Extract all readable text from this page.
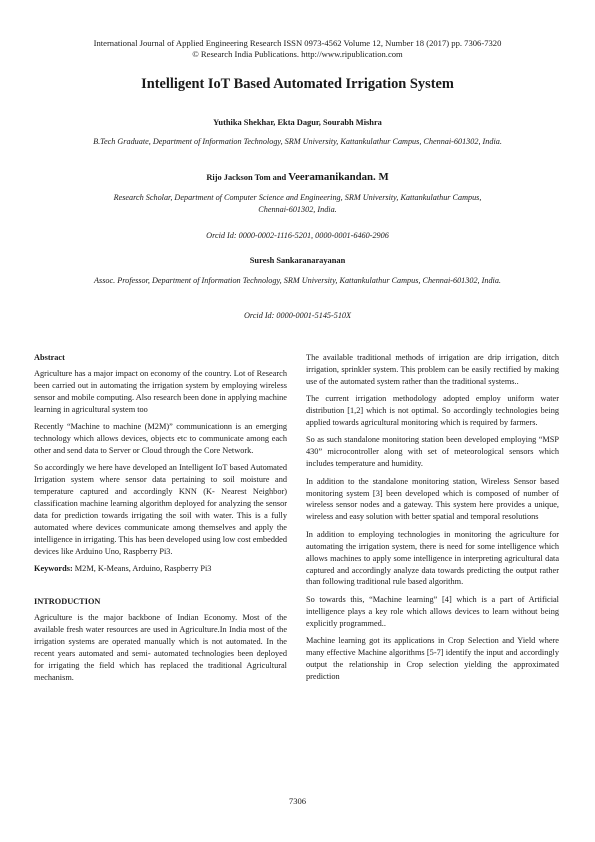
International Journal of Applied Engineering Research ISSN 0973-4562 Volume 12, Number 18 (2017) pp. 7306-7320
© Research India Publications. http://www.ripublication.com
Intelligent IoT Based Automated Irrigation System
Yuthika Shekhar, Ekta Dagur, Sourabh Mishra
B.Tech Graduate, Department of Information Technology, SRM University, Kattankulathur Campus, Chennai-601302, India.
Rijo Jackson Tom and Veeramanikandan. M
Research Scholar, Department of Computer Science and Engineering, SRM University, Kattankulathur Campus,
Chennai-601302, India.
Orcid Id: 0000-0002-1116-5201, 0000-0001-6460-2906
Suresh Sankaranarayanan
Assoc. Professor, Department of Information Technology, SRM University, Kattankulathur Campus, Chennai-601302, India.
Orcid Id: 0000-0001-5145-510X

Abstract

Agriculture has a major impact on economy of the country. Lot of Research been carried out in automating the irrigation system by employing wireless sensor and mobile computing. Also research been done in applying machine learning in agricultural system too

Recently “Machine to machine (M2M)” communicationn is an emerging technology which allows devices, objects etc to communicate among each other and send data to Server or Cloud through the Core Network.

So accordingly we here have developed an Intelligent IoT based Automated Irrigation system where sensor data pertaining to soil moisture and temperature captured and accordingly KNN (K- Nearest Neighbor) classification machine learning algorithm deployed for analyzing the sensor data for prediction towards irrigating the soil with water. This is a fully automated where devices communicate among themselves and apply the intelligence in irrigating. This has been developed using low cost embedded devices like Arduino Uno, Raspberry Pi3.

Keywords: M2M, K-Means, Arduino, Raspberry Pi3

INTRODUCTION

Agriculture is the major backbone of Indian Economy. Most of the available fresh water resources are used in Agriculture.In India most of the irrigation systems are operated manually which is not automated. In the recent years automated and semi- automated technologies been deployed for irrigating the field which has replaced the traditional Agricultural mechanism.

The available traditional methods of irrigation are drip irrigation, ditch irrigation, sprinkler system. This problem can be easily rectified by making use of the automated system rather than the traditional systems..

The current irrigation methodology adopted employ uniform water distribution [1,2] which is not optimal. So accordingly technologies being applied towards agricultural monitoring which is required by farmers.

So as such standalone monitoring station been developed employing “MSP 430” microcontroller along with set of meteorological sensors which includes temperature and humidity.

In addition to the standalone monitoring station, Wireless Sensor based monitoring system [3] been developed which is composed of number of wireless sensor nodes and a gateway. This system here provides a unique, wireless and easy solution with better spatial and temporal resolutions

In addition to employing technologies in monitoring the agriculture for automating the irrigation system, there is need for some intelligence which allows machines to apply some intelligence in interpreting agricultural data captured and accordingly analyze data towards predicting the output rather than following traditional rule based algorithm.

So towards this, “Machine learning” [4] which is a part of Artificial intelligence plays a key role which allows devices to learn without being explicitly programmed..

Machine learning got its applications in Crop Selection and Yield where many effective Machine algorithms [5-7] identify the input and accordingly output the relationship in Crop selection yielding the approximated prediction

7306
